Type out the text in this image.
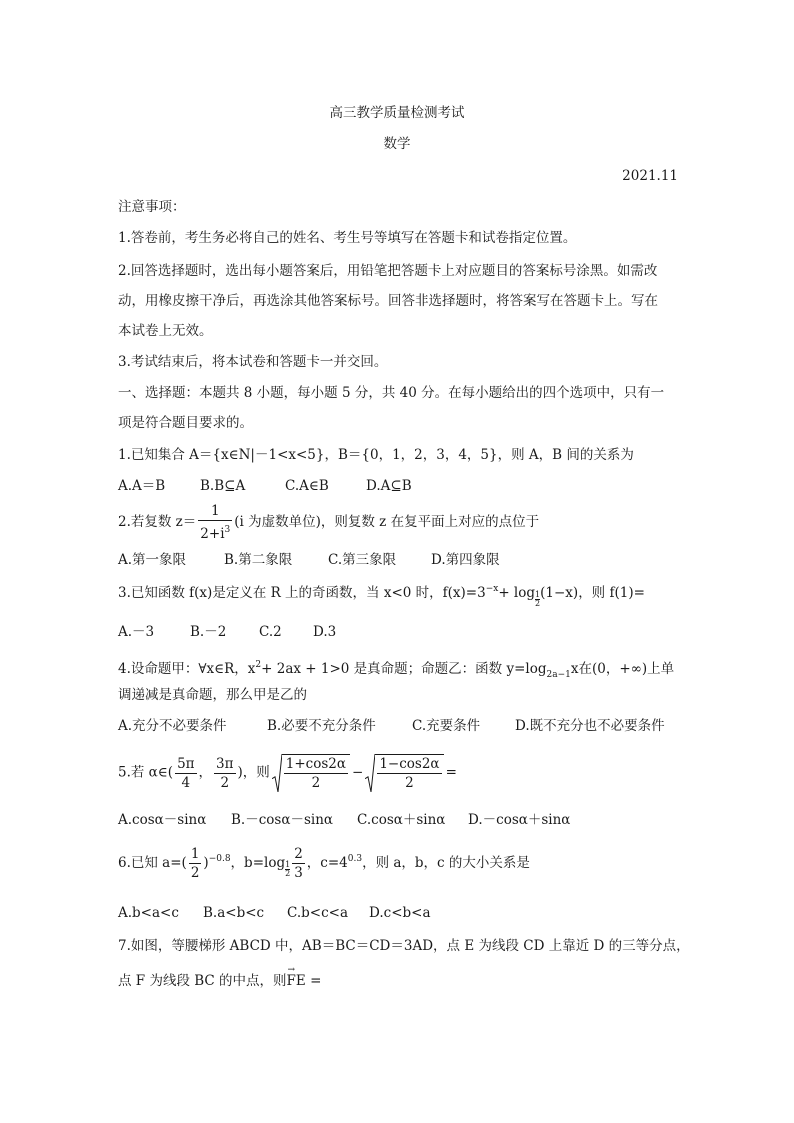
高三教学质量检测考试
数学
2021.11
注意事项：
1.答卷前，考生务必将自己的姓名、考生号等填写在答题卡和试卷指定位置。
2.回答选择题时，选出每小题答案后，用铅笔把答题卡上对应题目的答案标号涂黑。如需改
动，用橡皮擦干净后，再选涂其他答案标号。回答非选择题时，将答案写在答题卡上。写在
本试卷上无效。
3.考试结束后，将本试卷和答题卡一并交回。
一、选择题：本题共 8 小题，每小题 5 分，共 40 分。在每小题给出的四个选项中，只有一
项是符合题目要求的。
1.已知集合 A＝{x∈N|－1<x<5}，B＝{0，1，2，3，4，5}，则 A，B 间的关系为
A.A＝B	B.B⊆A	C.A∈B	D.A⊆B
2.若复数 $z= \frac{1}{2+i^3} (i$ 为虚数单位)，则复数 z 在复平面上对应的点位于
A.第一象限	B.第二象限	C.第三象限	D.第四象限
3.已知函数 f(x)是定义在 R 上的奇函数，当 x<0 时，$f(x)=3^{-x}+ \log \frac{1}{2} (1-x)$，则 f(1)=
A.－3	B.－2 C.2 D.3
4.设命题甲：∀x∈R，$x^2+ 2ax + 1>0$ 是真命题；命题乙：函数 $y=\log_{2a-1}x$在(0，+∞)上单
调递减是真命题，那么甲是乙的
A.充分不必要条件	B.必要不充分条件	C.充要条件	D.既不充分也不必要条件
5.若 α∈( $\frac{5\pi}{4}$ ， $\frac{3\pi}{2}$ )，则 $\frac{1+\cos 2\alpha}{2} - \frac{1-\cos 2\alpha}{2}$ =
A.cosα－sinα B.－cosα－sinα C.cosα＋sinα D.－cosα＋sinα
6.已知 $a=( \frac{1}{2} )^{-0.8}$，$b=\log \frac{1}{2} \frac{2}{3}$ ，$c=4^{0.3}$，则 a，b，c 的大小关系是
A.b<a<c B.a<b<c C.b<c<a D.c<b<a
7.如图，等腰梯形 ABCD 中，AB＝BC＝CD＝3AD，点 E 为线段 CD 上靠近 D 的三等分点，
点 F 为线段 BC 的中点，则
→
FE =
